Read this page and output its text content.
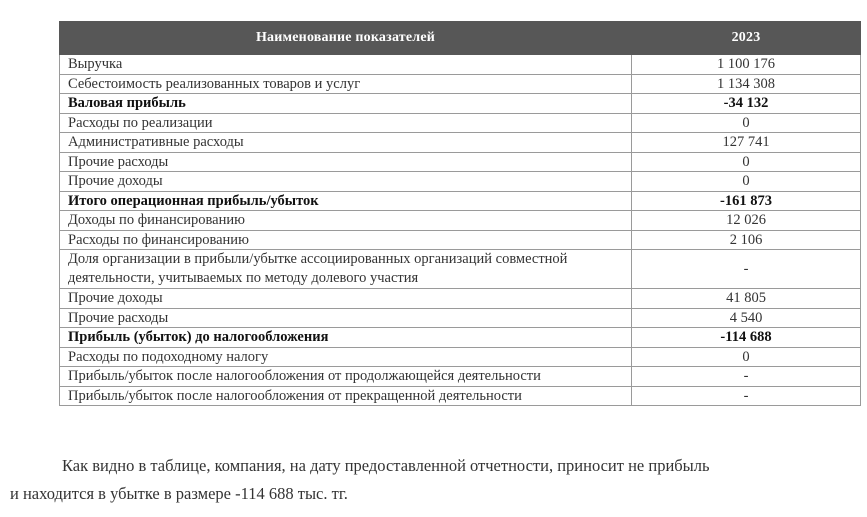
Наименование показателей	2023
Выручка	1 100 176
Себестоимость реализованных товаров и услуг	1 134 308
Валовая прибыль	-34 132
Расходы по реализации	0
Административные расходы	127 741
Прочие расходы	0
Прочие доходы	0
Итого операционная прибыль/убыток	-161 873
Доходы по финансированию	12 026
Расходы по финансированию	2 106
Доля организации в прибыли/убытке ассоциированных организаций совместной деятельности, учитываемых по методу долевого участия	-
Прочие доходы	41 805
Прочие расходы	4 540
Прибыль (убыток) до налогообложения	-114 688
Расходы по подоходному налогу	0
Прибыль/убыток после налогообложения от продолжающейся деятельности	-
Прибыль/убыток после налогообложения от прекращенной деятельности	-
Как видно в таблице, компания, на дату предоставленной отчетности, приносит не прибыль
и находится в убытке в размере -114 688 тыс. тг.
